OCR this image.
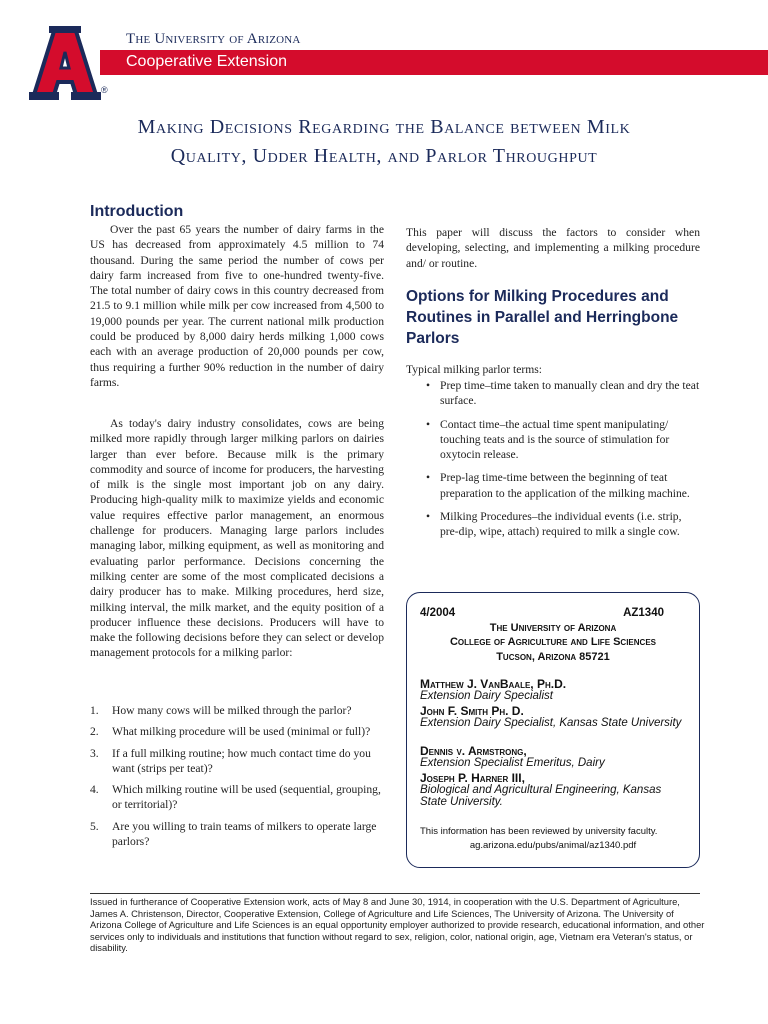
The University of Arizona
Cooperative Extension
®
Making Decisions Regarding the Balance between Milk
Quality, Udder Health, and Parlor Throughput
Introduction
Over the past 65 years the number of dairy farms in the US has decreased from approximately 4.5 million to 74 thousand. During the same period the number of cows per dairy farm increased from five to one-hundred twenty-five. The total number of dairy cows in this country decreased from 21.5 to 9.1 million while milk per cow increased from 4,500 to 19,000 pounds per year. The current national milk production could be produced by 8,000 dairy herds milking 1,000 cows each with an average production of 20,000 pounds per cow, thus requiring a further 90% reduction in the number of dairy farms.
As today's dairy industry consolidates, cows are being milked more rapidly through larger milking parlors on dairies larger than ever before. Because milk is the primary commodity and source of income for producers, the harvesting of milk is the single most important job on any dairy. Producing high-quality milk to maximize yields and economic value requires effective parlor management, an enormous challenge for producers. Managing large parlors includes managing labor, milking equipment, as well as monitoring and evaluating parlor performance. Decisions concerning the milking center are some of the most complicated decisions a dairy producer has to make. Milking procedures, herd size, milking interval, the milk market, and the equity position of a producer influence these decisions. Producers will have to make the following decisions before they can select or develop management protocols for a milking parlor:
1. How many cows will be milked through the parlor?
2. What milking procedure will be used (minimal or full)?
3. If a full milking routine; how much contact time do you want (strips per teat)?
4. Which milking routine will be used (sequential, grouping, or territorial)?
5. Are you willing to train teams of milkers to operate large parlors?
This paper will discuss the factors to consider when developing, selecting, and implementing a milking procedure and/ or routine.
Options for Milking Procedures and Routines in Parallel and Herringbone Parlors
Typical milking parlor terms:
• Prep time–time taken to manually clean and dry the teat surface.
• Contact time–the actual time spent manipulating/ touching teats and is the source of stimulation for oxytocin release.
• Prep-lag time-time between the beginning of teat preparation to the application of the milking machine.
• Milking Procedures–the individual events (i.e. strip, pre-dip, wipe, attach) required to milk a single cow.
4/2004	AZ1340
The University of Arizona
College of Agriculture and Life Sciences
Tucson, Arizona 85721
Matthew J. VanBaale, Ph.D.
Extension Dairy Specialist
John F. Smith Ph. D.
Extension Dairy Specialist, Kansas State University
Dennis v. Armstrong,
Extension Specialist Emeritus, Dairy
Joseph P. Harner III,
Biological and Agricultural Engineering, Kansas State University.
This information has been reviewed by university faculty.
ag.arizona.edu/pubs/animal/az1340.pdf
Issued in furtherance of Cooperative Extension work, acts of May 8 and June 30, 1914, in cooperation with the U.S. Department of Agriculture, James A. Christenson, Director, Cooperative Extension, College of Agriculture and Life Sciences, The University of Arizona. The University of Arizona College of Agriculture and Life Sciences is an equal opportunity employer authorized to provide research, educational information, and other services only to individuals and institutions that function without regard to sex, religion, color, national origin, age, Vietnam era Veteran's status, or disability.
